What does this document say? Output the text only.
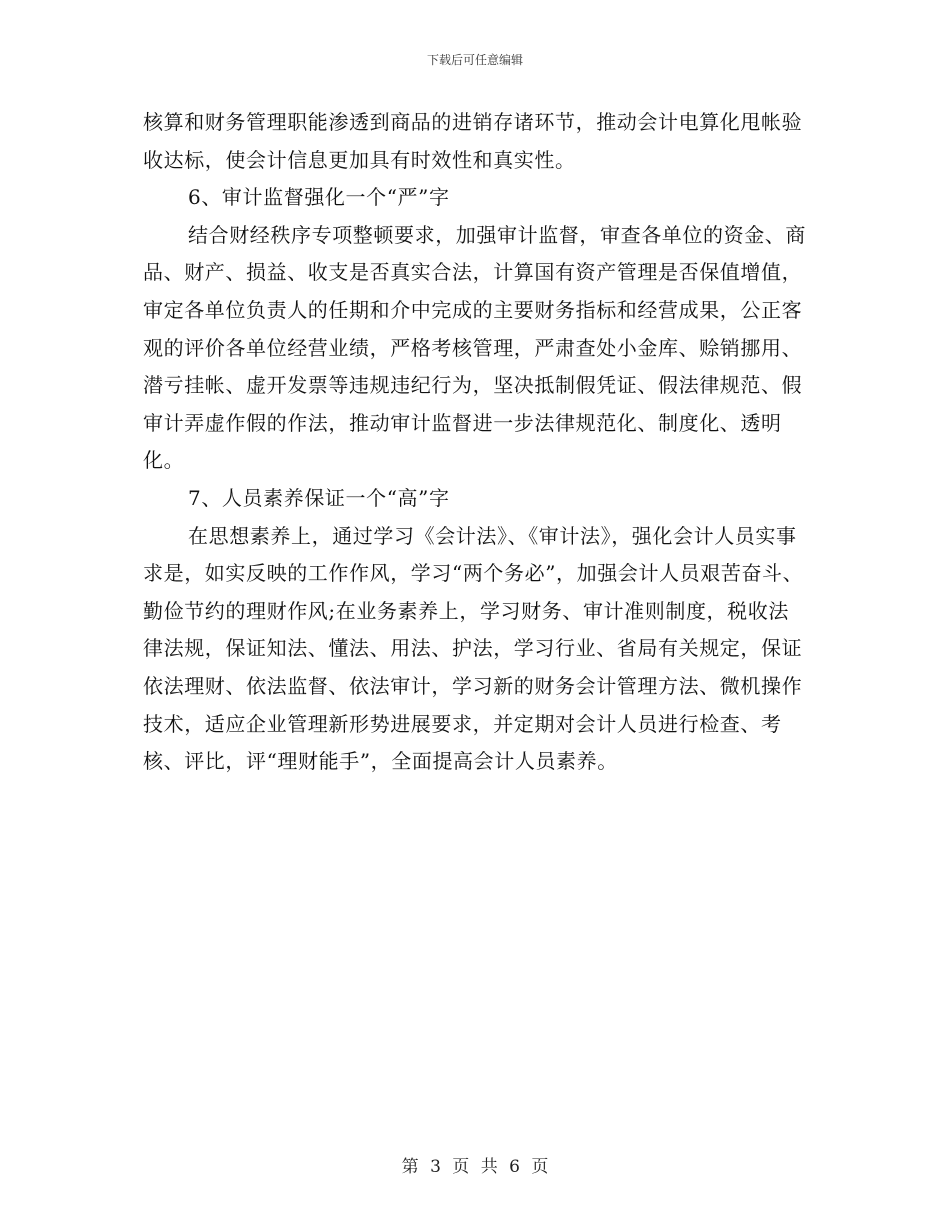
下载后可任意编辑

核算和财务管理职能渗透到商品的进销存诸环节，推动会计电算化甩帐验收达标，使会计信息更加具有时效性和真实性。

6、审计监督强化一个“严”字

结合财经秩序专项整顿要求，加强审计监督，审查各单位的资金、商品、财产、损益、收支是否真实合法，计算国有资产管理是否保值增值，审定各单位负责人的任期和介中完成的主要财务指标和经营成果，公正客观的评价各单位经营业绩，严格考核管理，严肃查处小金库、赊销挪用、潜亏挂帐、虚开发票等违规违纪行为，坚决抵制假凭证、假法律规范、假审计弄虚作假的作法，推动审计监督进一步法律规范化、制度化、透明化。

7、人员素养保证一个“高”字

在思想素养上，通过学习《会计法》、《审计法》，强化会计人员实事求是，如实反映的工作作风，学习“两个务必”，加强会计人员艰苦奋斗、勤俭节约的理财作风;在业务素养上，学习财务、审计准则制度，税收法律法规，保证知法、懂法、用法、护法，学习行业、省局有关规定，保证依法理财、依法监督、依法审计，学习新的财务会计管理方法、微机操作技术，适应企业管理新形势进展要求，并定期对会计人员进行检查、考核、评比，评“理财能手”，全面提高会计人员素养。

第 3 页 共 6 页
